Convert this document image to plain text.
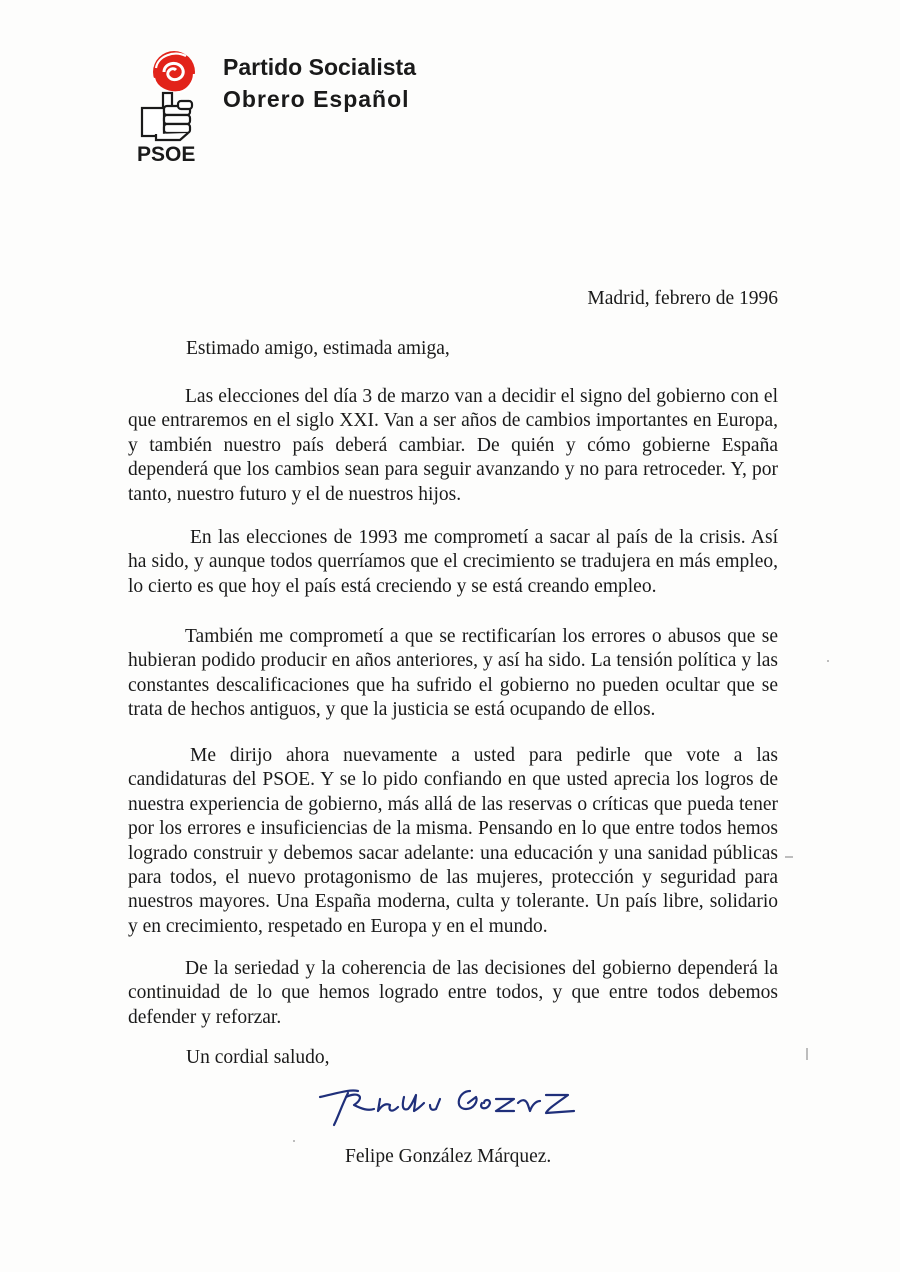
PSOE
Partido Socialista
Obrero Español
Madrid, febrero de 1996
Estimado amigo, estimada amiga,

Las elecciones del día 3 de marzo van a decidir el signo del gobierno con el que entraremos en el siglo XXI. Van a ser años de cambios importantes en Europa, y también nuestro país deberá cambiar. De quién y cómo gobierne España dependerá que los cambios sean para seguir avanzando y no para retroceder. Y, por tanto, nuestro futuro y el de nuestros hijos.

En las elecciones de 1993 me comprometí a sacar al país de la crisis. Así ha sido, y aunque todos querríamos que el crecimiento se tradujera en más empleo, lo cierto es que hoy el país está creciendo y se está creando empleo.

También me comprometí a que se rectificarían los errores o abusos que se hubieran podido producir en años anteriores, y así ha sido. La tensión política y las constantes descalificaciones que ha sufrido el gobierno no pueden ocultar que se trata de hechos antiguos, y que la justicia se está ocupando de ellos.

Me dirijo ahora nuevamente a usted para pedirle que vote a las candidaturas del PSOE. Y se lo pido confiando en que usted aprecia los logros de nuestra experiencia de gobierno, más allá de las reservas o críticas que pueda tener por los errores e insuficiencias de la misma. Pensando en lo que entre todos hemos logrado construir y debemos sacar adelante: una educación y una sanidad públicas para todos, el nuevo protagonismo de las mujeres, protección y seguridad para nuestros mayores. Una España moderna, culta y tolerante. Un país libre, solidario y en crecimiento, respetado en Europa y en el mundo.

De la seriedad y la coherencia de las decisiones del gobierno dependerá la continuidad de lo que hemos logrado entre todos, y que entre todos debemos defender y reforzar.

Un cordial saludo,
Felipe González Márquez.
